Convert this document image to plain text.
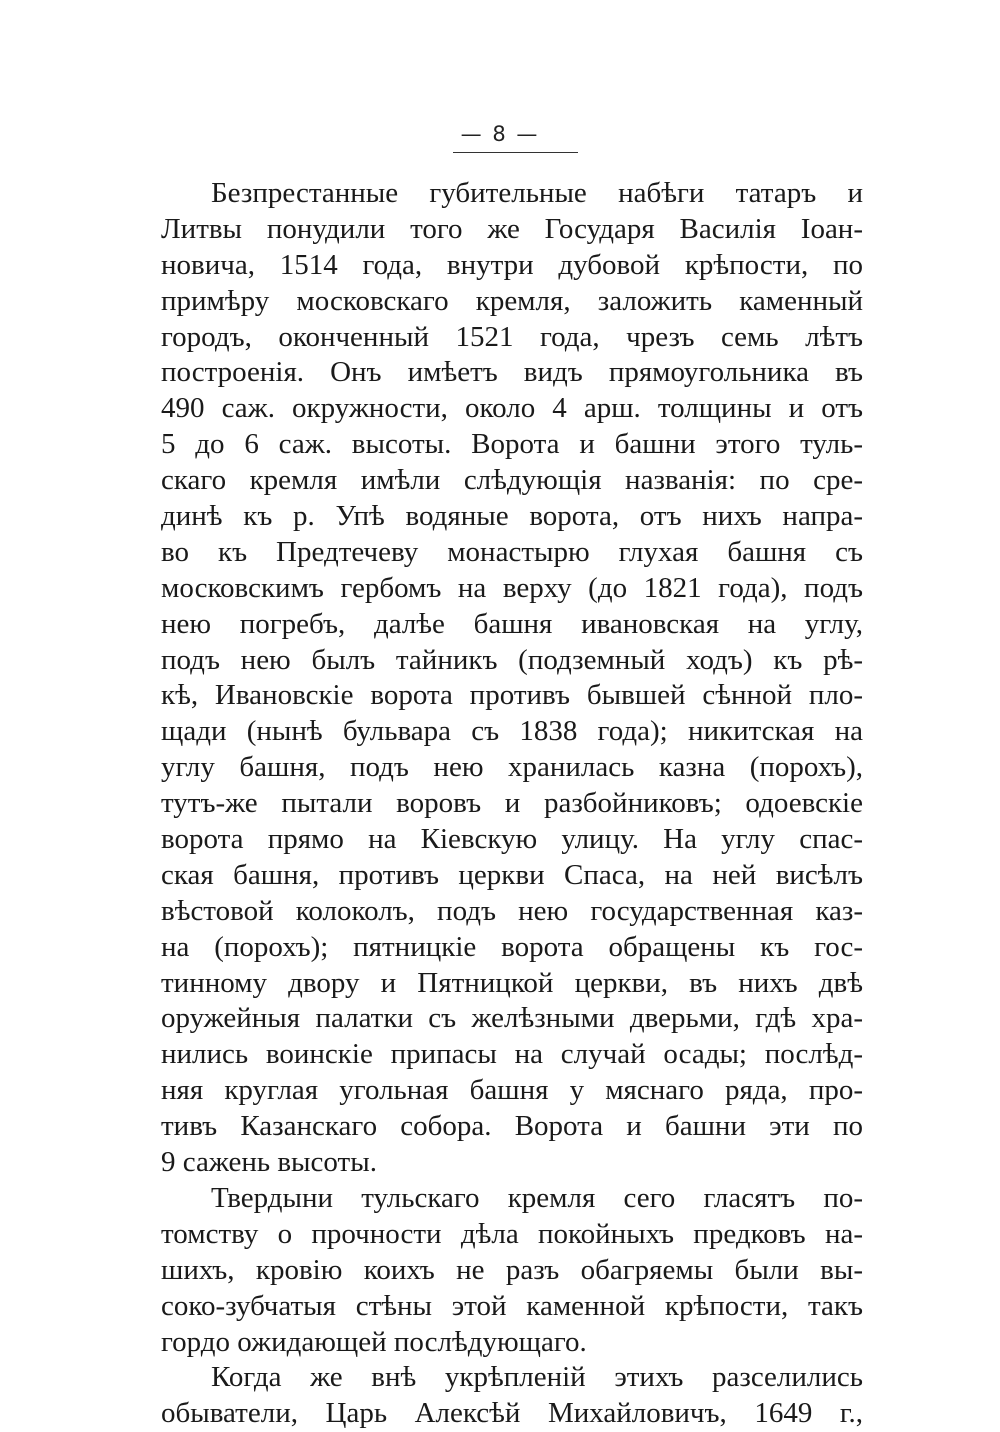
— 8 —
Безпрестанные губительные набѣги татаръ и
Литвы понудили того же Государя Василія Іоан-
новича, 1514 года, внутри дубовой крѣпости, по
примѣру московскаго кремля, заложить каменный
городъ, оконченный 1521 года, чрезъ семь лѣтъ
построенія. Онъ имѣетъ видъ прямоугольника въ
490 саж. окружности, около 4 арш. толщины и отъ
5 до 6 саж. высоты. Ворота и башни этого туль-
скаго кремля имѣли слѣдующія названія: по сре-
динѣ къ р. Упѣ водяные ворота, отъ нихъ напра-
во къ Предтечеву монастырю глухая башня съ
московскимъ гербомъ на верху (до 1821 года), подъ
нею погребъ, далѣе башня ивановская на углу,
подъ нею былъ тайникъ (подземный ходъ) къ рѣ-
кѣ, Ивановскіе ворота противъ бывшей сѣнной пло-
щади (нынѣ бульвара съ 1838 года); никитская на
углу башня, подъ нею хранилась казна (порохъ),
тутъ-же пытали воровъ и разбойниковъ; одоевскіе
ворота прямо на Кіевскую улицу. На углу спас-
ская башня, противъ церкви Спаса, на ней висѣлъ
вѣстовой колоколъ, подъ нею государственная каз-
на (порохъ); пятницкіе ворота обращены къ гос-
тинному двору и Пятницкой церкви, въ нихъ двѣ
оружейныя палатки съ желѣзными дверьми, гдѣ хра-
нились воинскіе припасы на случай осады; послѣд-
няя круглая угольная башня у мяснаго ряда, про-
тивъ Казанскаго собора. Ворота и башни эти по
9 сажень высоты.
Твердыни тульскаго кремля сего гласятъ по-
томству о прочности дѣла покойныхъ предковъ на-
шихъ, кровію коихъ не разъ обагряемы были вы-
соко-зубчатыя стѣны этой каменной крѣпости, такъ
гордо ожидающей послѣдующаго.
Когда же внѣ укрѣпленій этихъ разселились
обыватели, Царь Алексѣй Михайловичъ, 1649 г.,
